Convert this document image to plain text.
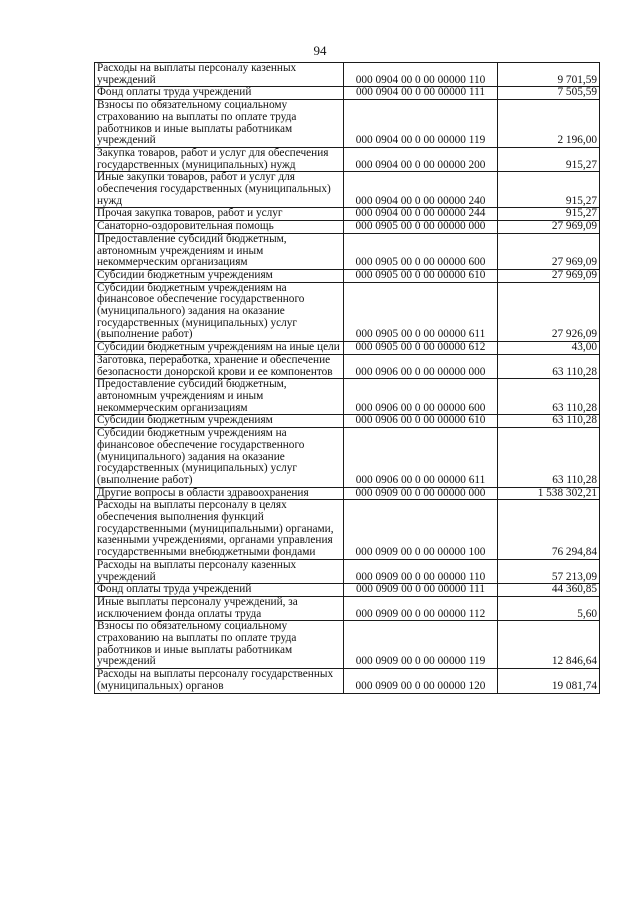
94
Расходы на выплаты персоналу казенных учреждений	000 0904 00 0 00 00000 110	9 701,59
Фонд оплаты труда учреждений	000 0904 00 0 00 00000 111	7 505,59
Взносы по обязательному социальному страхованию на выплаты по оплате труда работников и иные выплаты работникам учреждений	000 0904 00 0 00 00000 119	2 196,00
Закупка товаров, работ и услуг для обеспечения государственных (муниципальных) нужд	000 0904 00 0 00 00000 200	915,27
Иные закупки товаров, работ и услуг для обеспечения государственных (муниципальных) нужд	000 0904 00 0 00 00000 240	915,27
Прочая закупка товаров, работ и услуг	000 0904 00 0 00 00000 244	915,27
Санаторно-оздоровительная помощь	000 0905 00 0 00 00000 000	27 969,09
Предоставление субсидий бюджетным, автономным учреждениям и иным некоммерческим организациям	000 0905 00 0 00 00000 600	27 969,09
Субсидии бюджетным учреждениям	000 0905 00 0 00 00000 610	27 969,09
Субсидии бюджетным учреждениям на финансовое обеспечение государственного (муниципального) задания на оказание государственных (муниципальных) услуг (выполнение работ)	000 0905 00 0 00 00000 611	27 926,09
Субсидии бюджетным учреждениям на иные цели	000 0905 00 0 00 00000 612	43,00
Заготовка, переработка, хранение и обеспечение безопасности донорской крови и ее компонентов	000 0906 00 0 00 00000 000	63 110,28
Предоставление субсидий бюджетным, автономным учреждениям и иным некоммерческим организациям	000 0906 00 0 00 00000 600	63 110,28
Субсидии бюджетным учреждениям	000 0906 00 0 00 00000 610	63 110,28
Субсидии бюджетным учреждениям на финансовое обеспечение государственного (муниципального) задания на оказание государственных (муниципальных) услуг (выполнение работ)	000 0906 00 0 00 00000 611	63 110,28
Другие вопросы в области здравоохранения	000 0909 00 0 00 00000 000	1 538 302,21
Расходы на выплаты персоналу в целях обеспечения выполнения функций государственными (муниципальными) органами, казенными учреждениями, органами управления государственными внебюджетными фондами	000 0909 00 0 00 00000 100	76 294,84
Расходы на выплаты персоналу казенных учреждений	000 0909 00 0 00 00000 110	57 213,09
Фонд оплаты труда учреждений	000 0909 00 0 00 00000 111	44 360,85
Иные выплаты персоналу учреждений, за исключением фонда оплаты труда	000 0909 00 0 00 00000 112	5,60
Взносы по обязательному социальному страхованию на выплаты по оплате труда работников и иные выплаты работникам учреждений	000 0909 00 0 00 00000 119	12 846,64
Расходы на выплаты персоналу государственных (муниципальных) органов	000 0909 00 0 00 00000 120	19 081,74
